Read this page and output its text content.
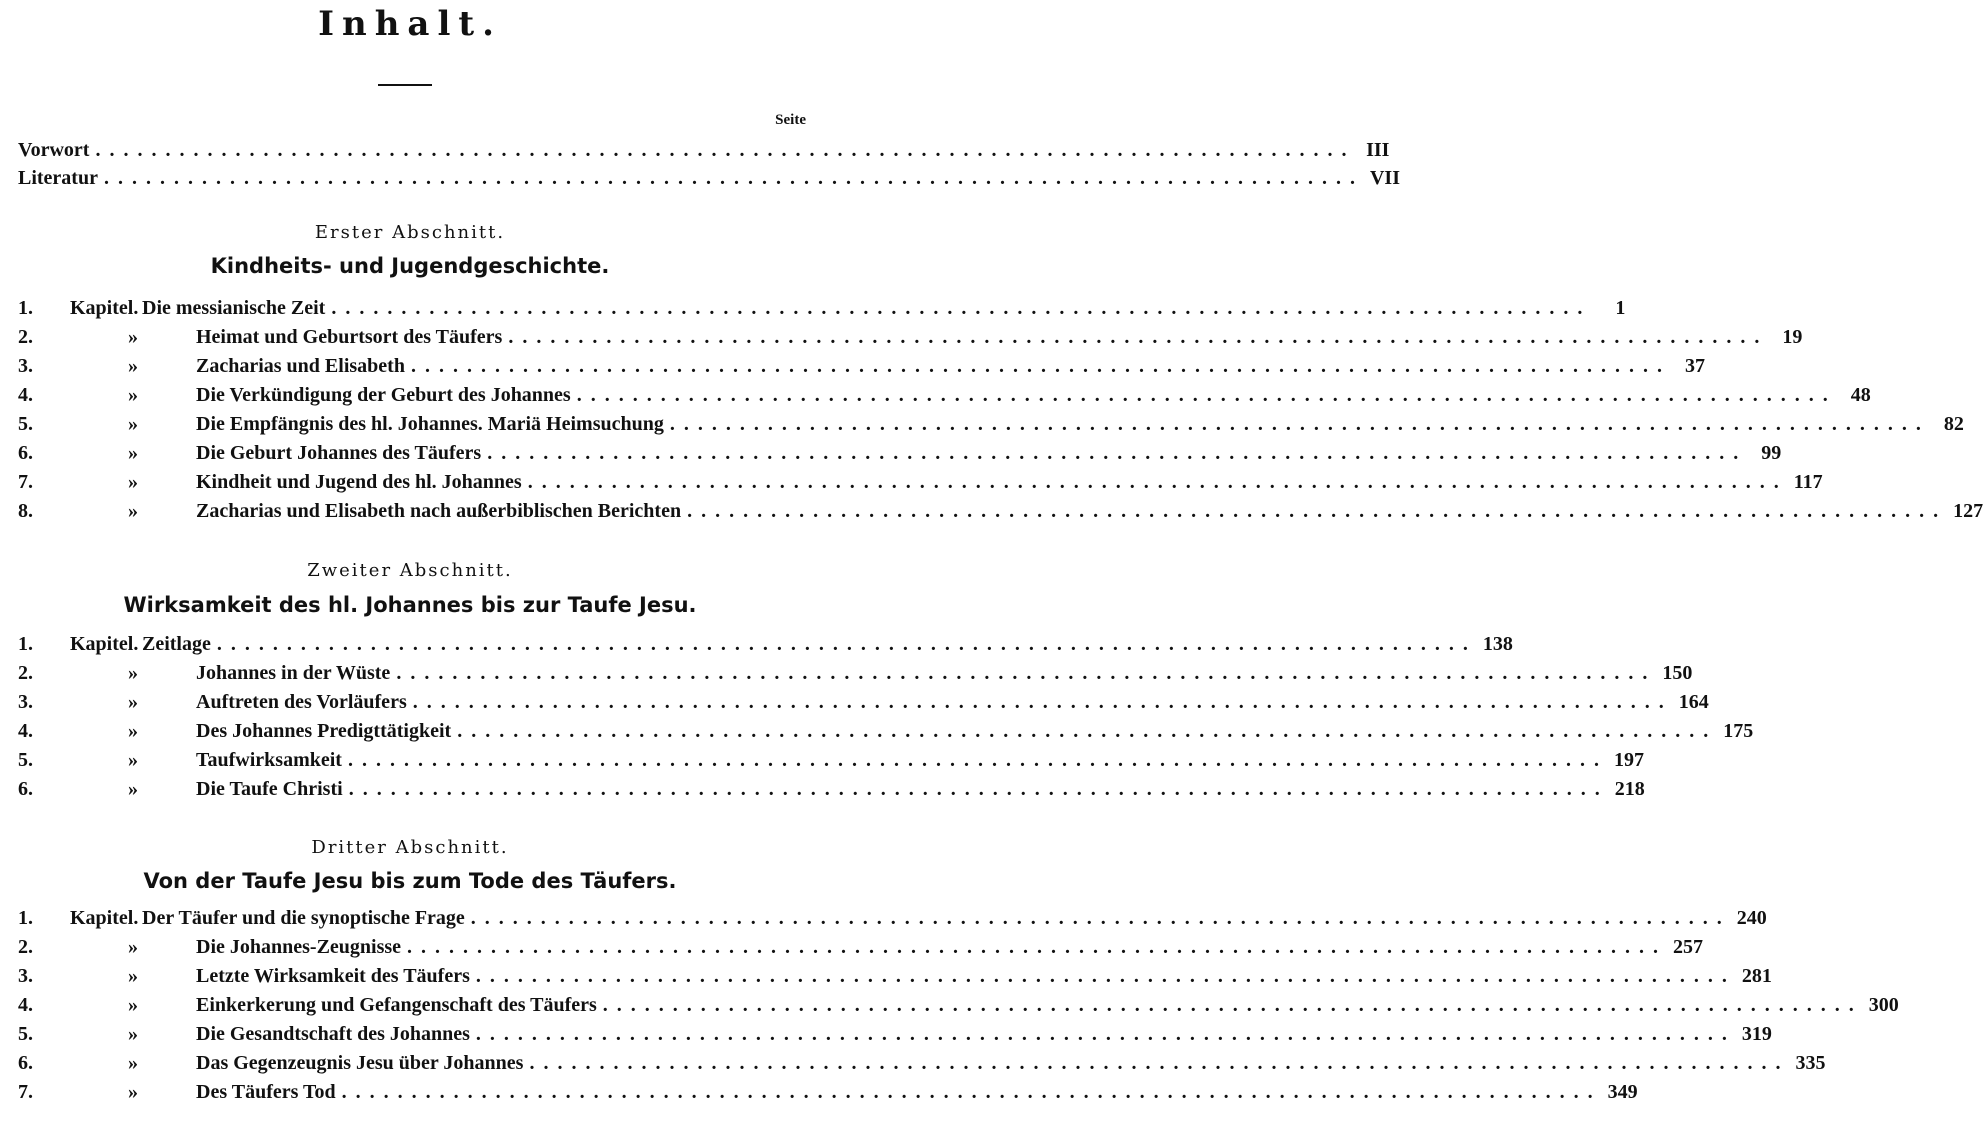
Inhalt.
Seite
Vorwort .......................................................................................... III
Literatur .......................................................................................... VII
Erster Abschnitt.
Kindheits- und Jugendgeschichte.
1.	Kapitel. Die messianische Zeit ..........................................................................................	1
2.	»	Heimat und Geburtsort des Täufers .......................................................................................... 19
3.	»	Zacharias und Elisabeth .......................................................................................... 37
4.	»	Die Verkündigung der Geburt des Johannes .......................................................................................... 48
5.	»	Die Empfängnis des hl. Johannes. Mariä Heimsuchung .......................................................................................... 82
6.	»	Die Geburt Johannes des Täufers .......................................................................................... 99
7.	»	Kindheit und Jugend des hl. Johannes .......................................................................................... 117
8.	»	Zacharias und Elisabeth nach außerbiblischen Berichten .......................................................................................... 127
Zweiter Abschnitt.
Wirksamkeit des hl. Johannes bis zur Taufe Jesu.
1.	Kapitel. Zeitlage .......................................................................................... 138
2.	»	Johannes in der Wüste .......................................................................................... 150
3.	»	Auftreten des Vorläufers .......................................................................................... 164
4.	»	Des Johannes Predigttätigkeit .......................................................................................... 175
5.	»	Taufwirksamkeit .......................................................................................... 197
6.	»	Die Taufe Christi .......................................................................................... 218
Dritter Abschnitt.
Von der Taufe Jesu bis zum Tode des Täufers.
1.	Kapitel. Der Täufer und die synoptische Frage .......................................................................................... 240
2.	»	Die Johannes-Zeugnisse .......................................................................................... 257
3.	»	Letzte Wirksamkeit des Täufers .......................................................................................... 281
4.	»	Einkerkerung und Gefangenschaft des Täufers .......................................................................................... 300
5.	»	Die Gesandtschaft des Johannes .......................................................................................... 319
6.	»	Das Gegenzeugnis Jesu über Johannes .......................................................................................... 335
7.	»	Des Täufers Tod .......................................................................................... 349
